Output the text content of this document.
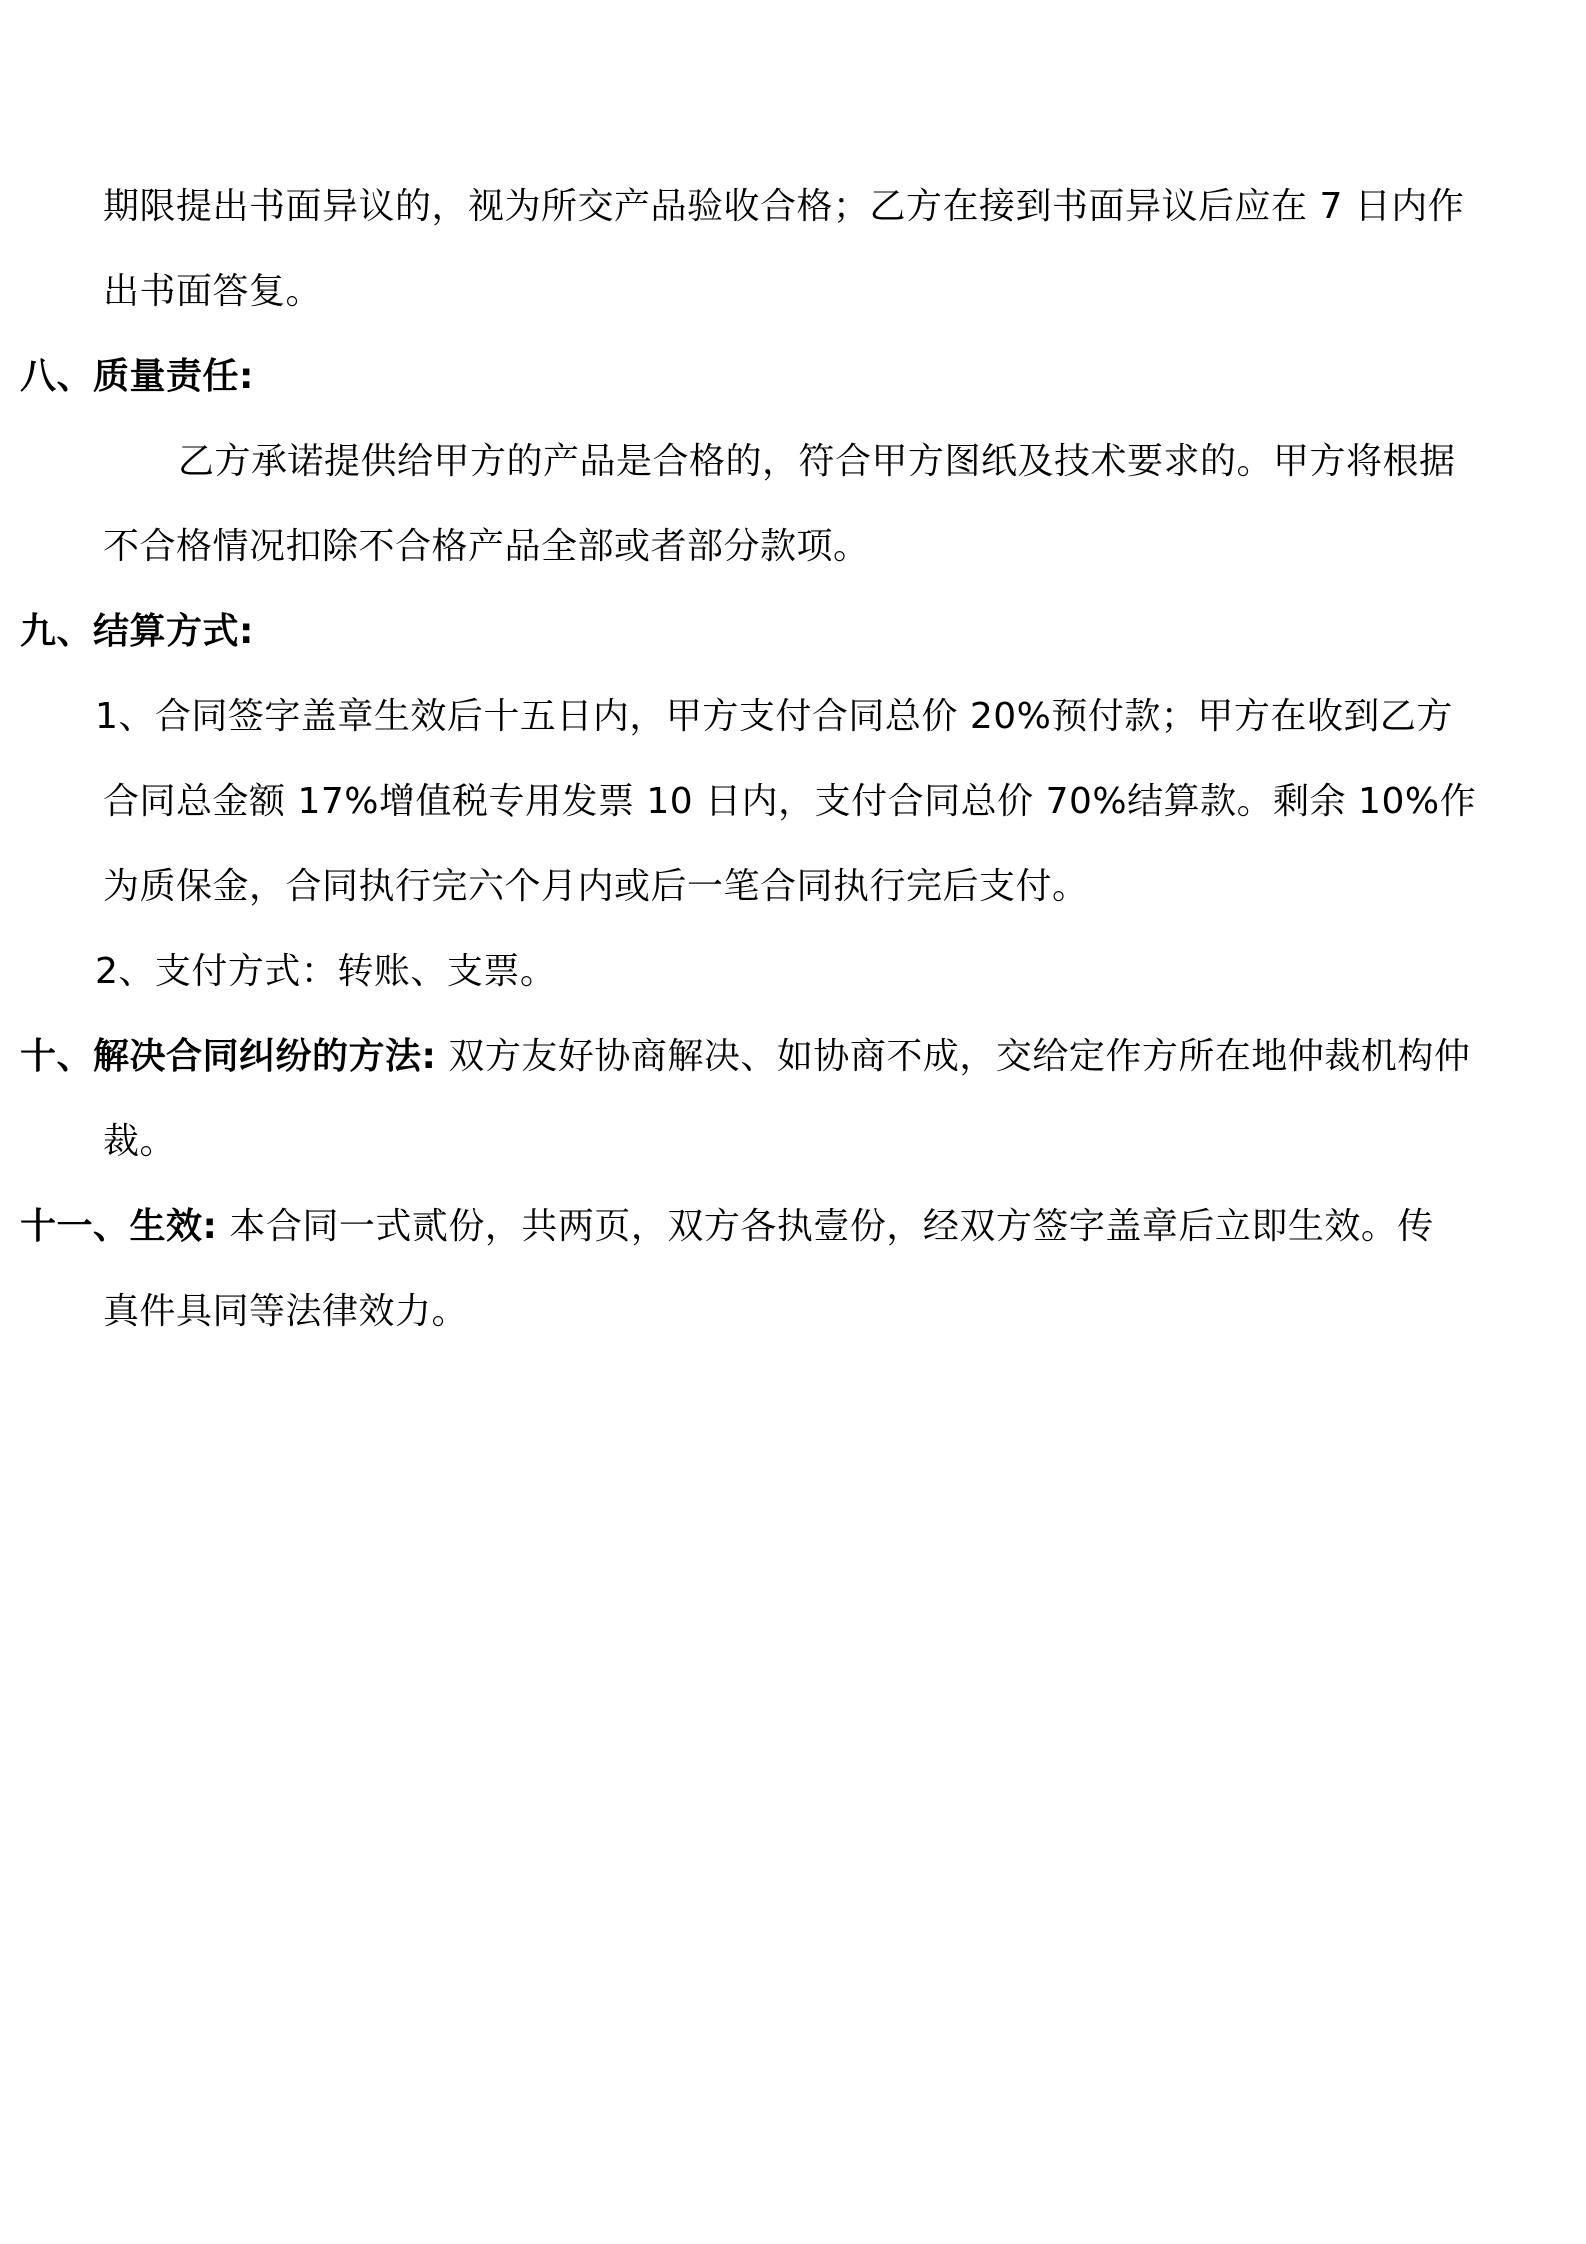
期限提出书面异议的，视为所交产品验收合格；乙方在接到书面异议后应在 7 日内作
出书面答复。
八、质量责任:
乙方承诺提供给甲方的产品是合格的，符合甲方图纸及技术要求的。甲方将根据
不合格情况扣除不合格产品全部或者部分款项。
九、结算方式:
1、合同签字盖章生效后十五日内，甲方支付合同总价 20%预付款；甲方在收到乙方
合同总金额 17%增值税专用发票 10 日内，支付合同总价 70%结算款。剩余 10%作
为质保金，合同执行完六个月内或后一笔合同执行完后支付。
2、支付方式：转账、支票。
十、解决合同纠纷的方法: 双方友好协商解决、如协商不成，交给定作方所在地仲裁机构仲
裁。
十一、生效: 本合同一式贰份，共两页，双方各执壹份，经双方签字盖章后立即生效。传
真件具同等法律效力。
